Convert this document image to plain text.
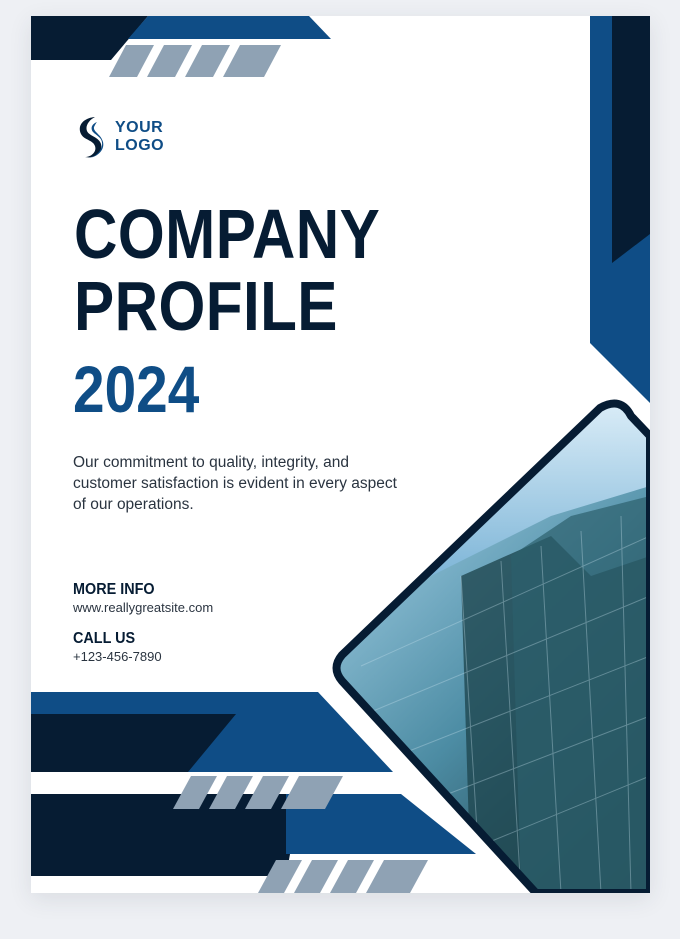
YOUR
LOGO
COMPANY
PROFILE
2024

Our commitment to quality, integrity, and customer satisfaction is evident in every aspect of our operations.

MORE INFO
www.reallygreatsite.com
CALL US
+123-456-7890
